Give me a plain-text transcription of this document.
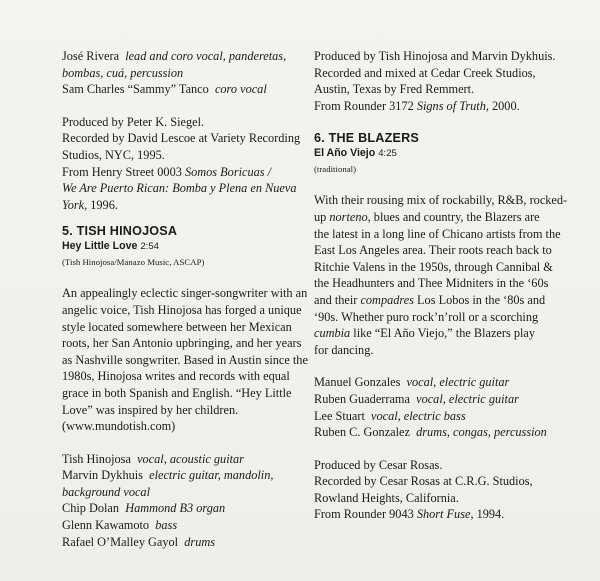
José Rivera lead and coro vocal, panderetas,

bombas, cuá, percussion

Sam Charles “Sammy” Tanco coro vocal

Produced by Peter K. Siegel.

Recorded by David Lescoe at Variety Recording

Studios, NYC, 1995.

From Henry Street 0003 Somos Boricuas /

We Are Puerto Rican: Bomba y Plena en Nueva

York, 1996.

5. TISH HINOJOSA

Hey Little Love 2:54

(Tish Hinojosa/Manazo Music, ASCAP)

An appealingly eclectic singer-songwriter with an

angelic voice, Tish Hinojosa has forged a unique

style located somewhere between her Mexican

roots, her San Antonio upbringing, and her years

as Nashville songwriter. Based in Austin since the

1980s, Hinojosa writes and records with equal

grace in both Spanish and English. “Hey Little

Love” was inspired by her children.

(www.mundotish.com)

Tish Hinojosa vocal, acoustic guitar

Marvin Dykhuis electric guitar, mandolin,

background vocal

Chip Dolan Hammond B3 organ

Glenn Kawamoto bass

Rafael O’Malley Gayol drums

Produced by Tish Hinojosa and Marvin Dykhuis.

Recorded and mixed at Cedar Creek Studios,

Austin, Texas by Fred Remmert.

From Rounder 3172 Signs of Truth, 2000.

6. THE BLAZERS

El Año Viejo 4:25

(traditional)

With their rousing mix of rockabilly, R&B, rocked-

up norteno, blues and country, the Blazers are

the latest in a long line of Chicano artists from the

East Los Angeles area. Their roots reach back to

Ritchie Valens in the 1950s, through Cannibal &

the Headhunters and Thee Midniters in the ‘60s

and their compadres Los Lobos in the ‘80s and

‘90s. Whether puro rock’n’roll or a scorching

cumbia like “El Año Viejo,” the Blazers play

for dancing.

Manuel Gonzales vocal, electric guitar

Ruben Guaderrama vocal, electric guitar

Lee Stuart vocal, electric bass

Ruben C. Gonzalez drums, congas, percussion

Produced by Cesar Rosas.

Recorded by Cesar Rosas at C.R.G. Studios,

Rowland Heights, California.

From Rounder 9043 Short Fuse, 1994.
